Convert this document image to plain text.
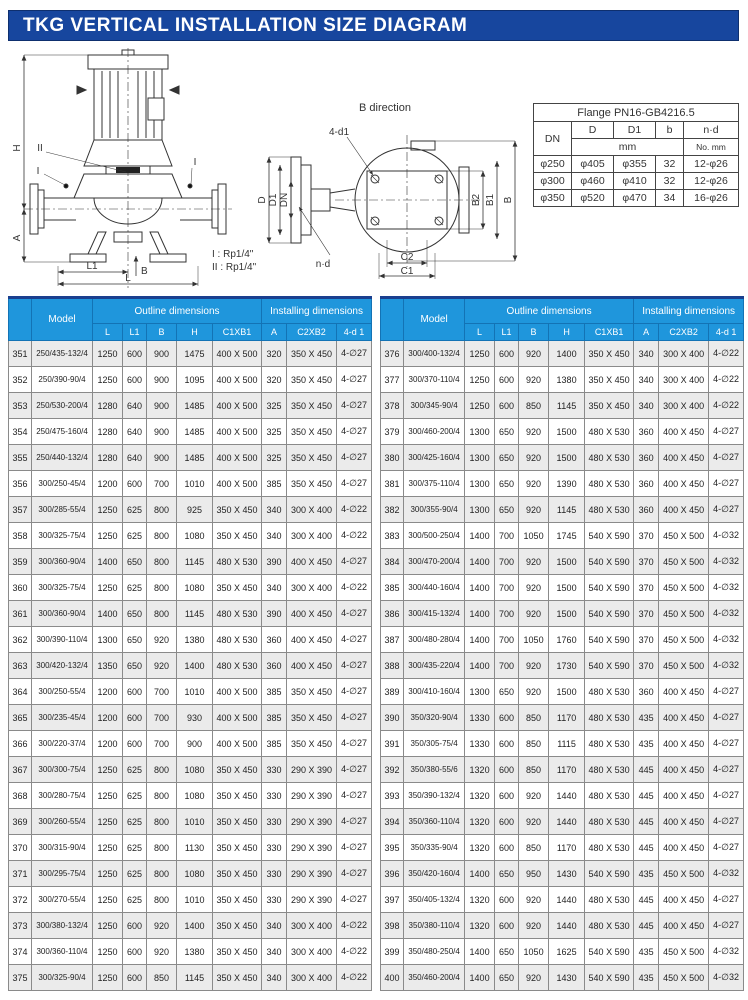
TKG VERTICAL INSTALLATION SIZE DIAGRAM
H
A
L1
L
B
II
I
I
B direction
4-d1
D D1 DN
n·d
B2 B1 B
C2
C1
I : Rp1/4"
II : Rp1/4"
Flange PN16-GB4216.5				
DN	D	D1	b	n·d
	mm			No. mm
φ250	φ405	φ355	32	12-φ26
φ300	φ460	φ410	32	12-φ26
φ350	φ520	φ470	34	16-φ26
	Model	Outline dimensions					Installing dimensions		
		L	L1	B	H	C1XB1	A	C2XB2	4-d 1
351	250/435-132/4	1250	600	900	1475	400 X 500	320	350 X 450	4-∅27
352	250/390-90/4	1250	600	900	1095	400 X 500	320	350 X 450	4-∅27
353	250/530-200/4	1280	640	900	1485	400 X 500	325	350 X 450	4-∅27
354	250/475-160/4	1280	640	900	1485	400 X 500	325	350 X 450	4-∅27
355	250/440-132/4	1280	640	900	1485	400 X 500	325	350 X 450	4-∅27
356	300/250-45/4	1200	600	700	1010	400 X 500	385	350 X 450	4-∅27
357	300/285-55/4	1250	625	800	925	350 X 450	340	300 X 400	4-∅22
358	300/325-75/4	1250	625	800	1080	350 X 450	340	300 X 400	4-∅22
359	300/360-90/4	1400	650	800	1145	480 X 530	390	400 X 450	4-∅27
360	300/325-75/4	1250	625	800	1080	350 X 450	340	300 X 400	4-∅22
361	300/360-90/4	1400	650	800	1145	480 X 530	390	400 X 450	4-∅27
362	300/390-110/4	1300	650	920	1380	480 X 530	360	400 X 450	4-∅27
363	300/420-132/4	1350	650	920	1400	480 X 530	360	400 X 450	4-∅27
364	300/250-55/4	1200	600	700	1010	400 X 500	385	350 X 450	4-∅27
365	300/235-45/4	1200	600	700	930	400 X 500	385	350 X 450	4-∅27
366	300/220-37/4	1200	600	700	900	400 X 500	385	350 X 450	4-∅27
367	300/300-75/4	1250	625	800	1080	350 X 450	330	290 X 390	4-∅27
368	300/280-75/4	1250	625	800	1080	350 X 450	330	290 X 390	4-∅27
369	300/260-55/4	1250	625	800	1010	350 X 450	330	290 X 390	4-∅27
370	300/315-90/4	1250	625	800	1130	350 X 450	330	290 X 390	4-∅27
371	300/295-75/4	1250	625	800	1080	350 X 450	330	290 X 390	4-∅27
372	300/270-55/4	1250	625	800	1010	350 X 450	330	290 X 390	4-∅27
373	300/380-132/4	1250	600	920	1400	350 X 450	340	300 X 400	4-∅22
374	300/360-110/4	1250	600	920	1380	350 X 450	340	300 X 400	4-∅22
375	300/325-90/4	1250	600	850	1145	350 X 450	340	300 X 400	4-∅22
	Model	Outline dimensions					Installing dimensions		
		L	L1	B	H	C1XB1	A	C2XB2	4-d 1
376	300/400-132/4	1250	600	920	1400	350 X 450	340	300 X 400	4-∅22
377	300/370-110/4	1250	600	920	1380	350 X 450	340	300 X 400	4-∅22
378	300/345-90/4	1250	600	850	1145	350 X 450	340	300 X 400	4-∅22
379	300/460-200/4	1300	650	920	1500	480 X 530	360	400 X 450	4-∅27
380	300/425-160/4	1300	650	920	1500	480 X 530	360	400 X 450	4-∅27
381	300/375-110/4	1300	650	920	1390	480 X 530	360	400 X 450	4-∅27
382	300/355-90/4	1300	650	920	1145	480 X 530	360	400 X 450	4-∅27
383	300/500-250/4	1400	700	1050	1745	540 X 590	370	450 X 500	4-∅32
384	300/470-200/4	1400	700	920	1500	540 X 590	370	450 X 500	4-∅32
385	300/440-160/4	1400	700	920	1500	540 X 590	370	450 X 500	4-∅32
386	300/415-132/4	1400	700	920	1500	540 X 590	370	450 X 500	4-∅32
387	300/480-280/4	1400	700	1050	1760	540 X 590	370	450 X 500	4-∅32
388	300/435-220/4	1400	700	920	1730	540 X 590	370	450 X 500	4-∅32
389	300/410-160/4	1300	650	920	1500	480 X 530	360	400 X 450	4-∅27
390	350/320-90/4	1330	600	850	1170	480 X 530	435	400 X 450	4-∅27
391	350/305-75/4	1330	600	850	1115	480 X 530	435	400 X 450	4-∅27
392	350/380-55/6	1320	600	850	1170	480 X 530	445	400 X 450	4-∅27
393	350/390-132/4	1320	600	920	1440	480 X 530	445	400 X 450	4-∅27
394	350/360-110/4	1320	600	920	1440	480 X 530	445	400 X 450	4-∅27
395	350/335-90/4	1320	600	850	1170	480 X 530	445	400 X 450	4-∅27
396	350/420-160/4	1400	650	950	1430	540 X 590	435	450 X 500	4-∅32
397	350/405-132/4	1320	600	920	1440	480 X 530	445	400 X 450	4-∅27
398	350/380-110/4	1320	600	920	1440	480 X 530	445	400 X 450	4-∅27
399	350/480-250/4	1400	650	1050	1625	540 X 590	435	450 X 500	4-∅32
400	350/460-200/4	1400	650	920	1430	540 X 590	435	450 X 500	4-∅32
